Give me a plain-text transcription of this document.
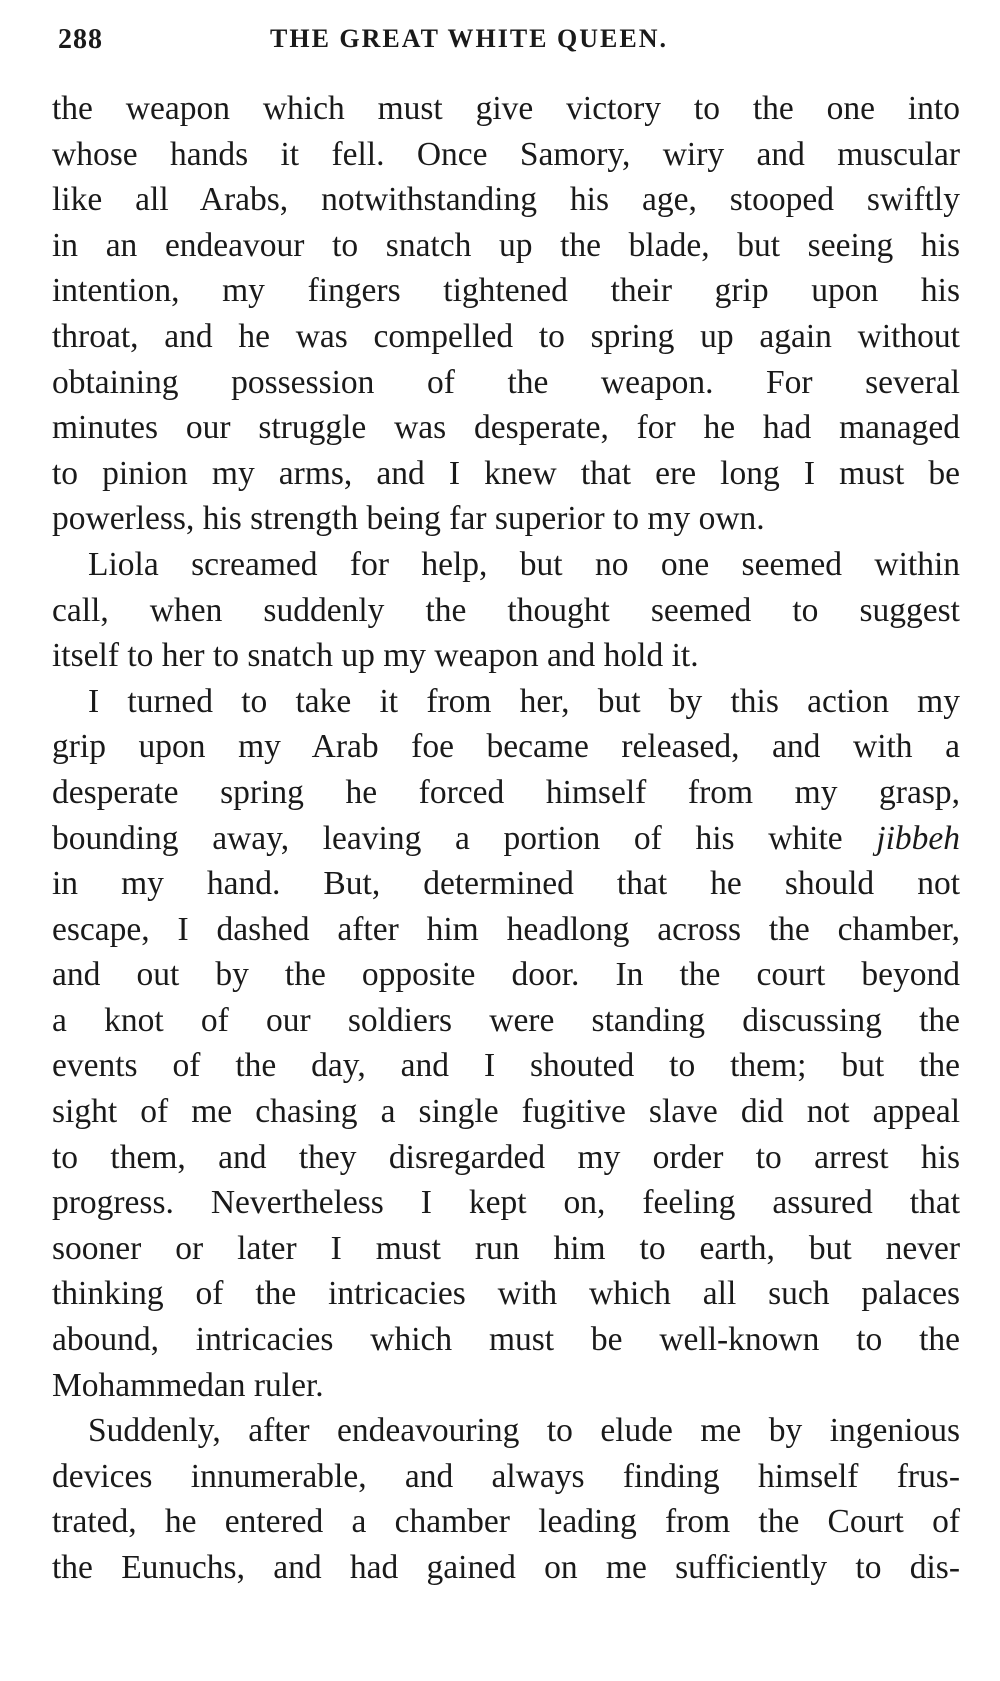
288	THE GREAT WHITE QUEEN.
the weapon which must give victory to the one into
whose hands it fell. Once Samory, wiry and muscular
like all Arabs, notwithstanding his age, stooped swiftly
in an endeavour to snatch up the blade, but seeing his
intention, my fingers tightened their grip upon his
throat, and he was compelled to spring up again without
obtaining possession of the weapon. For several
minutes our struggle was desperate, for he had managed
to pinion my arms, and I knew that ere long I must be
powerless, his strength being far superior to my own.
Liola screamed for help, but no one seemed within
call, when suddenly the thought seemed to suggest
itself to her to snatch up my weapon and hold it.
I turned to take it from her, but by this action my
grip upon my Arab foe became released, and with a
desperate spring he forced himself from my grasp,
bounding away, leaving a portion of his white jibbeh
in my hand. But, determined that he should not
escape, I dashed after him headlong across the chamber,
and out by the opposite door. In the court beyond
a knot of our soldiers were standing discussing the
events of the day, and I shouted to them; but the
sight of me chasing a single fugitive slave did not appeal
to them, and they disregarded my order to arrest his
progress. Nevertheless I kept on, feeling assured that
sooner or later I must run him to earth, but never
thinking of the intricacies with which all such palaces
abound, intricacies which must be well-known to the
Mohammedan ruler.
Suddenly, after endeavouring to elude me by ingenious
devices innumerable, and always finding himself frus-
trated, he entered a chamber leading from the Court of
the Eunuchs, and had gained on me sufficiently to dis-
